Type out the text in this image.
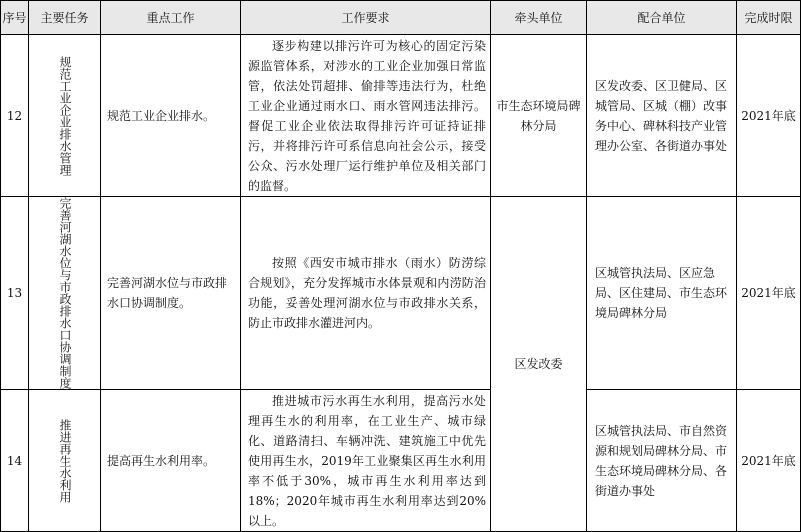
序号	主要任务	重点工作	工作要求	牵头单位	配合单位	完成时限
12	规范工业企业排水管理	规范工业企业排水。	逐步构建以排污许可为核心的固定污染源监管体系，对涉水的工业企业加强日常监管，依法处罚超排、偷排等违法行为，杜绝工业企业通过雨水口、雨水管网违法排污。督促工业企业依法取得排污许可证持证排污，并将排污许可系信息向社会公示，接受公众、污水处理厂运行维护单位及相关部门的监督。	市生态环境局碑林分局	区发改委、区卫健局、区城管局、区城（棚）改事务中心、碑林科技产业管理办公室、各街道办事处	2021年底
13	完善河湖水位与市政排水口协调制度	完善河湖水位与市政排水口协调制度。	按照《西安市城市排水（雨水）防涝综合规划》，充分发挥城市水体景观和内涝防治功能，妥善处理河湖水位与市政排水关系，防止市政排水灌进河内。	区发改委	区城管执法局、区应急局、区住建局、市生态环境局碑林分局	2021年底
14	推进再生水利用	提高再生水利用率。	推进城市污水再生水利用，提高污水处理再生水的利用率，在工业生产、城市绿化、道路清扫、车辆冲洗、建筑施工中优先使用再生水，2019年工业聚集区再生水利用率不低于30%，城市再生水利用率达到18%；2020年城市再生水利用率达到20%以上。		区城管执法局、市自然资源和规划局碑林分局、市生态环境局碑林分局、各街道办事处	2021年底
